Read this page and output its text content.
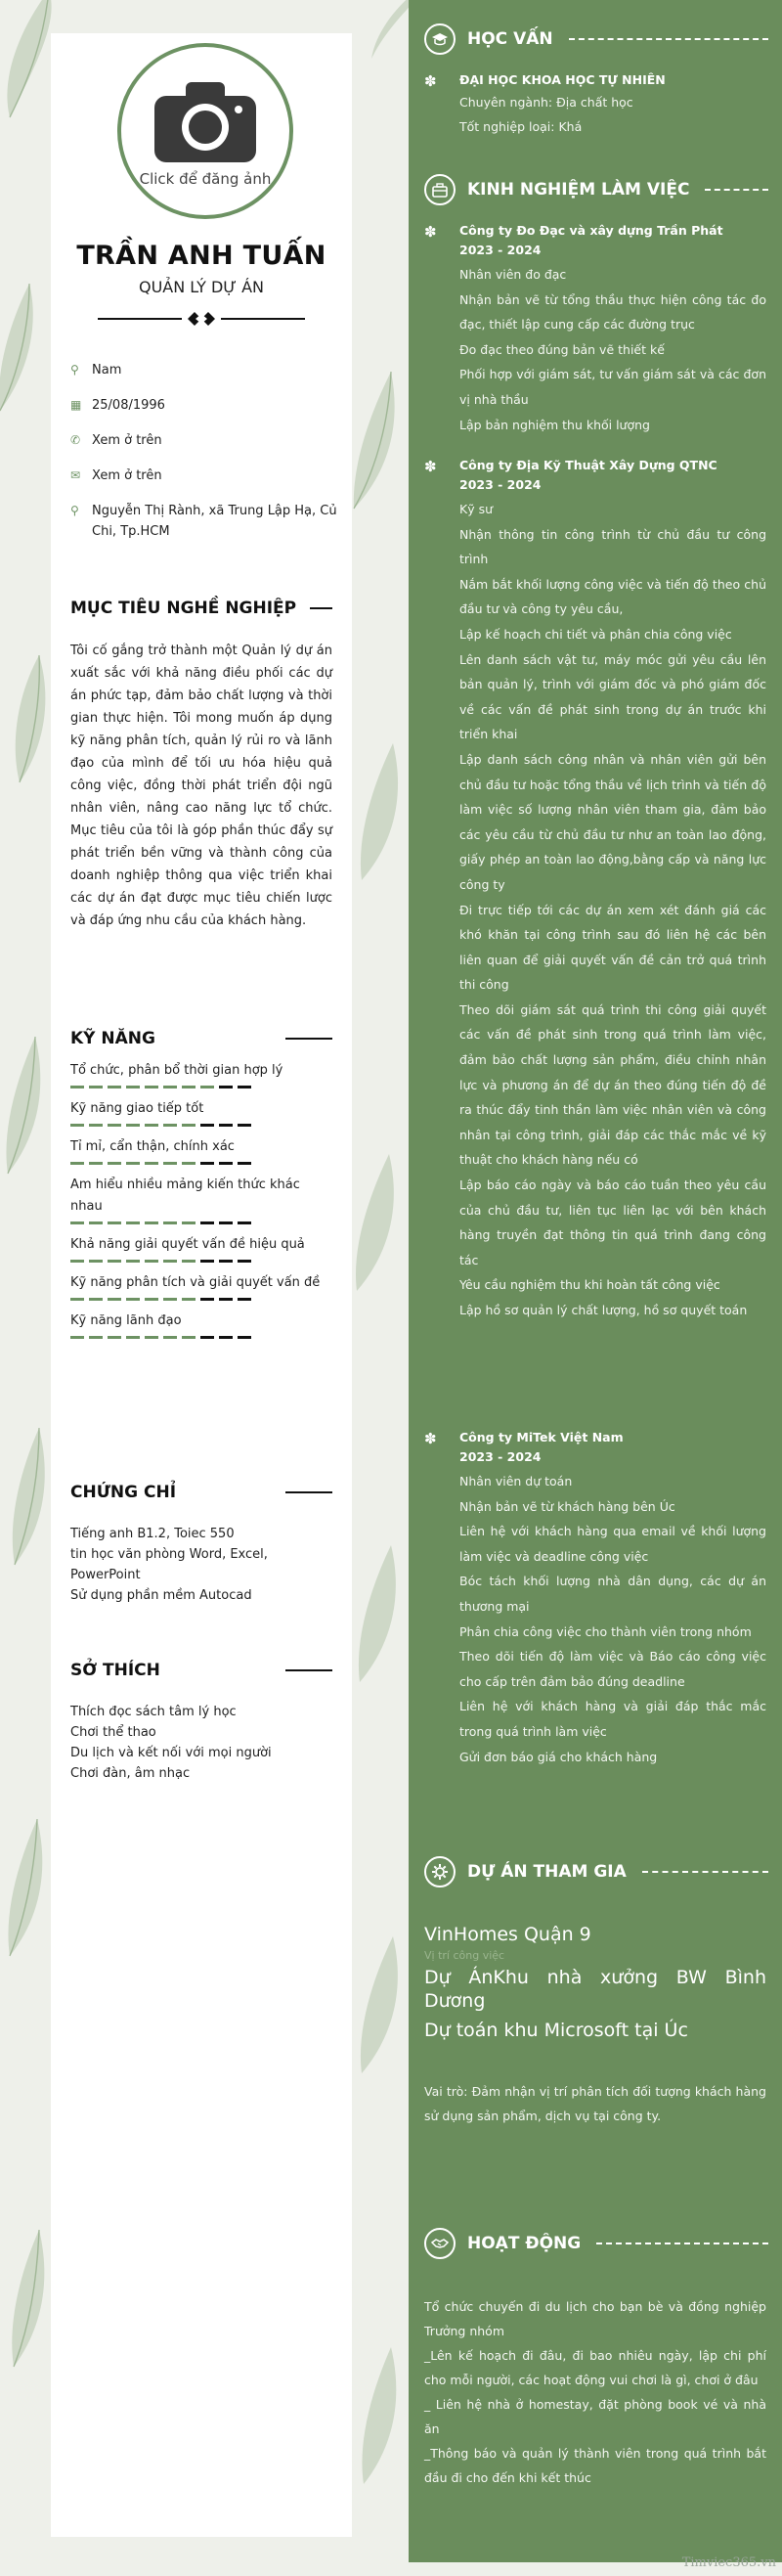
Click để đăng ảnh
TRẦN ANH TUẤN
QUẢN LÝ DỰ ÁN
⚲	Nam
▦ 25/08/1996
✆ Xem ở trên
✉ Xem ở trên
⚲	Nguyễn Thị Rành, xã Trung Lập Hạ, Củ Chi, Tp.HCM
MỤC TIÊU NGHỀ NGHIỆP
Tôi cố gắng trở thành một Quản lý dự án xuất sắc với khả năng điều phối các dự án phức tạp, đảm bảo chất lượng và thời gian thực hiện. Tôi mong muốn áp dụng kỹ năng phân tích, quản lý rủi ro và lãnh đạo của mình để tối ưu hóa hiệu quả công việc, đồng thời phát triển đội ngũ nhân viên, nâng cao năng lực tổ chức. Mục tiêu của tôi là góp phần thúc đẩy sự phát triển bền vững và thành công của doanh nghiệp thông qua việc triển khai các dự án đạt được mục tiêu chiến lược và đáp ứng nhu cầu của khách hàng.
KỸ NĂNG
Tổ chức, phân bổ thời gian hợp lý
Kỹ năng giao tiếp tốt
Tỉ mỉ, cẩn thận, chính xác
Am hiểu nhiều mảng kiến thức khác nhau
Khả năng giải quyết vấn đề hiệu quả
Kỹ năng phân tích và giải quyết vấn đề
Kỹ năng lãnh đạo
CHỨNG CHỈ
Tiếng anh B1.2, Toiec 550
tin học văn phòng Word, Excel, PowerPoint
Sử dụng phần mềm Autocad
SỞ THÍCH
Thích đọc sách tâm lý học
Chơi thể thao
Du lịch và kết nối với mọi người
Chơi đàn, âm nhạc
HỌC VẤN
✽ ĐẠI HỌC KHOA HỌC TỰ NHIÊN
Chuyên ngành: Địa chất học
Tốt nghiệp loại: Khá
KINH NGHIỆM LÀM VIỆC
✽ Công ty Đo Đạc và xây dựng Trần Phát
2023 - 2024
Nhân viên đo đạc
Nhận bản vẽ từ tổng thầu thực hiện công tác đo đạc, thiết lập cung cấp các đường trục
Đo đạc theo đúng bản vẽ thiết kế
Phối hợp với giám sát, tư vấn giám sát và các đơn vị nhà thầu
Lập bản nghiệm thu khối lượng
✽ Công ty Địa Kỹ Thuật Xây Dựng QTNC
2023 - 2024
Kỹ sư
Nhận thông tin công trình từ chủ đầu tư công trình
Nắm bắt khối lượng công việc và tiến độ theo chủ đầu tư và công ty yêu cầu,
Lập kế hoạch chi tiết và phân chia công việc
Lên danh sách vật tư, máy móc gửi yêu cầu lên bản quản lý, trình với giám đốc và phó giám đốc về các vấn đề phát sinh trong dự án trước khi triển khai
Lập danh sách công nhân và nhân viên gửi bên chủ đầu tư hoặc tổng thầu về lịch trình và tiến độ làm việc số lượng nhân viên tham gia, đảm bảo các yêu cầu từ chủ đầu tư như an toàn lao động, giấy phép an toàn lao động,bằng cấp và năng lực công ty
Đi trực tiếp tới các dự án xem xét đánh giá các khó khăn tại công trình sau đó liên hệ các bên liên quan để giải quyết vấn đề cản trở quá trình thi công
Theo dõi giám sát quá trình thi công giải quyết các vấn đề phát sinh trong quá trình làm việc, đảm bảo chất lượng sản phẩm, điều chỉnh nhân lực và phương án để dự án theo đúng tiến độ đề ra thúc đẩy tinh thần làm việc nhân viên và công nhân tại công trình, giải đáp các thắc mắc về kỹ thuật cho khách hàng nếu có
Lập báo cáo ngày và báo cáo tuần theo yêu cầu của chủ đầu tư, liên tục liên lạc với bên khách hàng truyền đạt thông tin quá trình đang công tác
Yêu cầu nghiệm thu khi hoàn tất công việc
Lập hồ sơ quản lý chất lượng, hồ sơ quyết toán
✽ Công ty MiTek Việt Nam
2023 - 2024
Nhân viên dự toán
Nhận bản vẽ từ khách hàng bên Úc
Liên hệ với khách hàng qua email về khối lượng làm việc và deadline công việc
Bóc tách khối lượng nhà dân dụng, các dự án thương mại
Phân chia công việc cho thành viên trong nhóm
Theo dõi tiến độ làm việc và Báo cáo công việc cho cấp trên đảm bảo đúng deadline
Liên hệ với khách hàng và giải đáp thắc mắc trong quá trình làm việc
Gửi đơn báo giá cho khách hàng
DỰ ÁN THAM GIA
VinHomes Quận 9
Vị trí công việc
Dự ÁnKhu nhà xưởng BW Bình Dương
Dự toán khu Microsoft tại Úc
Vai trò: Đảm nhận vị trí phân tích đối tượng khách hàng sử dụng sản phẩm, dịch vụ tại công ty.
HOẠT ĐỘNG
Tổ chức chuyến đi du lịch cho bạn bè và đồng nghiệp Trưởng nhóm
_Lên kế hoạch đi đâu, đi bao nhiêu ngày, lập chi phí cho mỗi người, các hoạt động vui chơi là gì, chơi ở đâu
_ Liên hệ nhà ở homestay, đặt phòng book vé và nhà ăn
_Thông báo và quản lý thành viên trong quá trình bắt đầu đi cho đến khi kết thúc
Timviec365.vn
